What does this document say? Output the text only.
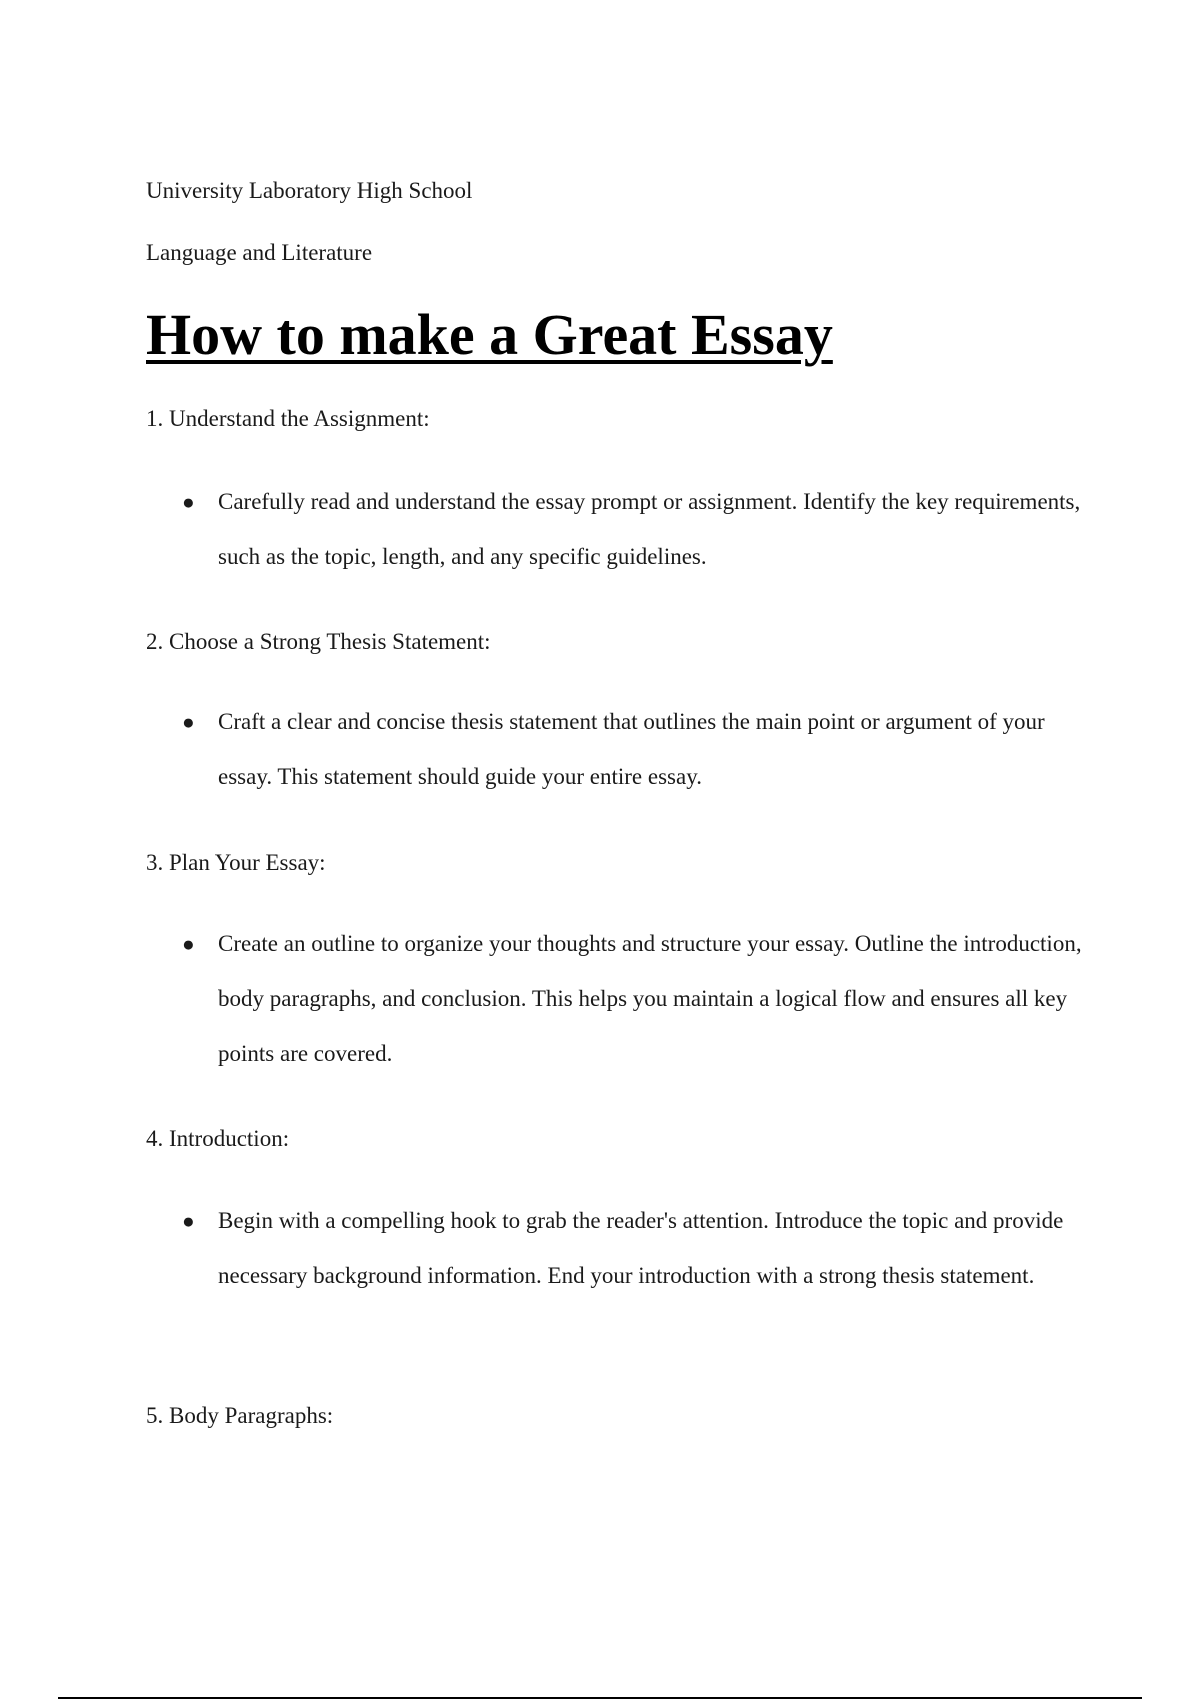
University Laboratory High School
Language and Literature
How to make a Great Essay
1. Understand the Assignment:
● Carefully read and understand the essay prompt or assignment. Identify the key requirements, such as the topic, length, and any specific guidelines.

2. Choose a Strong Thesis Statement:
● Craft a clear and concise thesis statement that outlines the main point or argument of your essay. This statement should guide your entire essay.

3. Plan Your Essay:
● Create an outline to organize your thoughts and structure your essay. Outline the introduction, body paragraphs, and conclusion. This helps you maintain a logical flow and ensures all key points are covered.

4. Introduction:
● Begin with a compelling hook to grab the reader's attention. Introduce the topic and provide necessary background information. End your introduction with a strong thesis statement.

5. Body Paragraphs:
